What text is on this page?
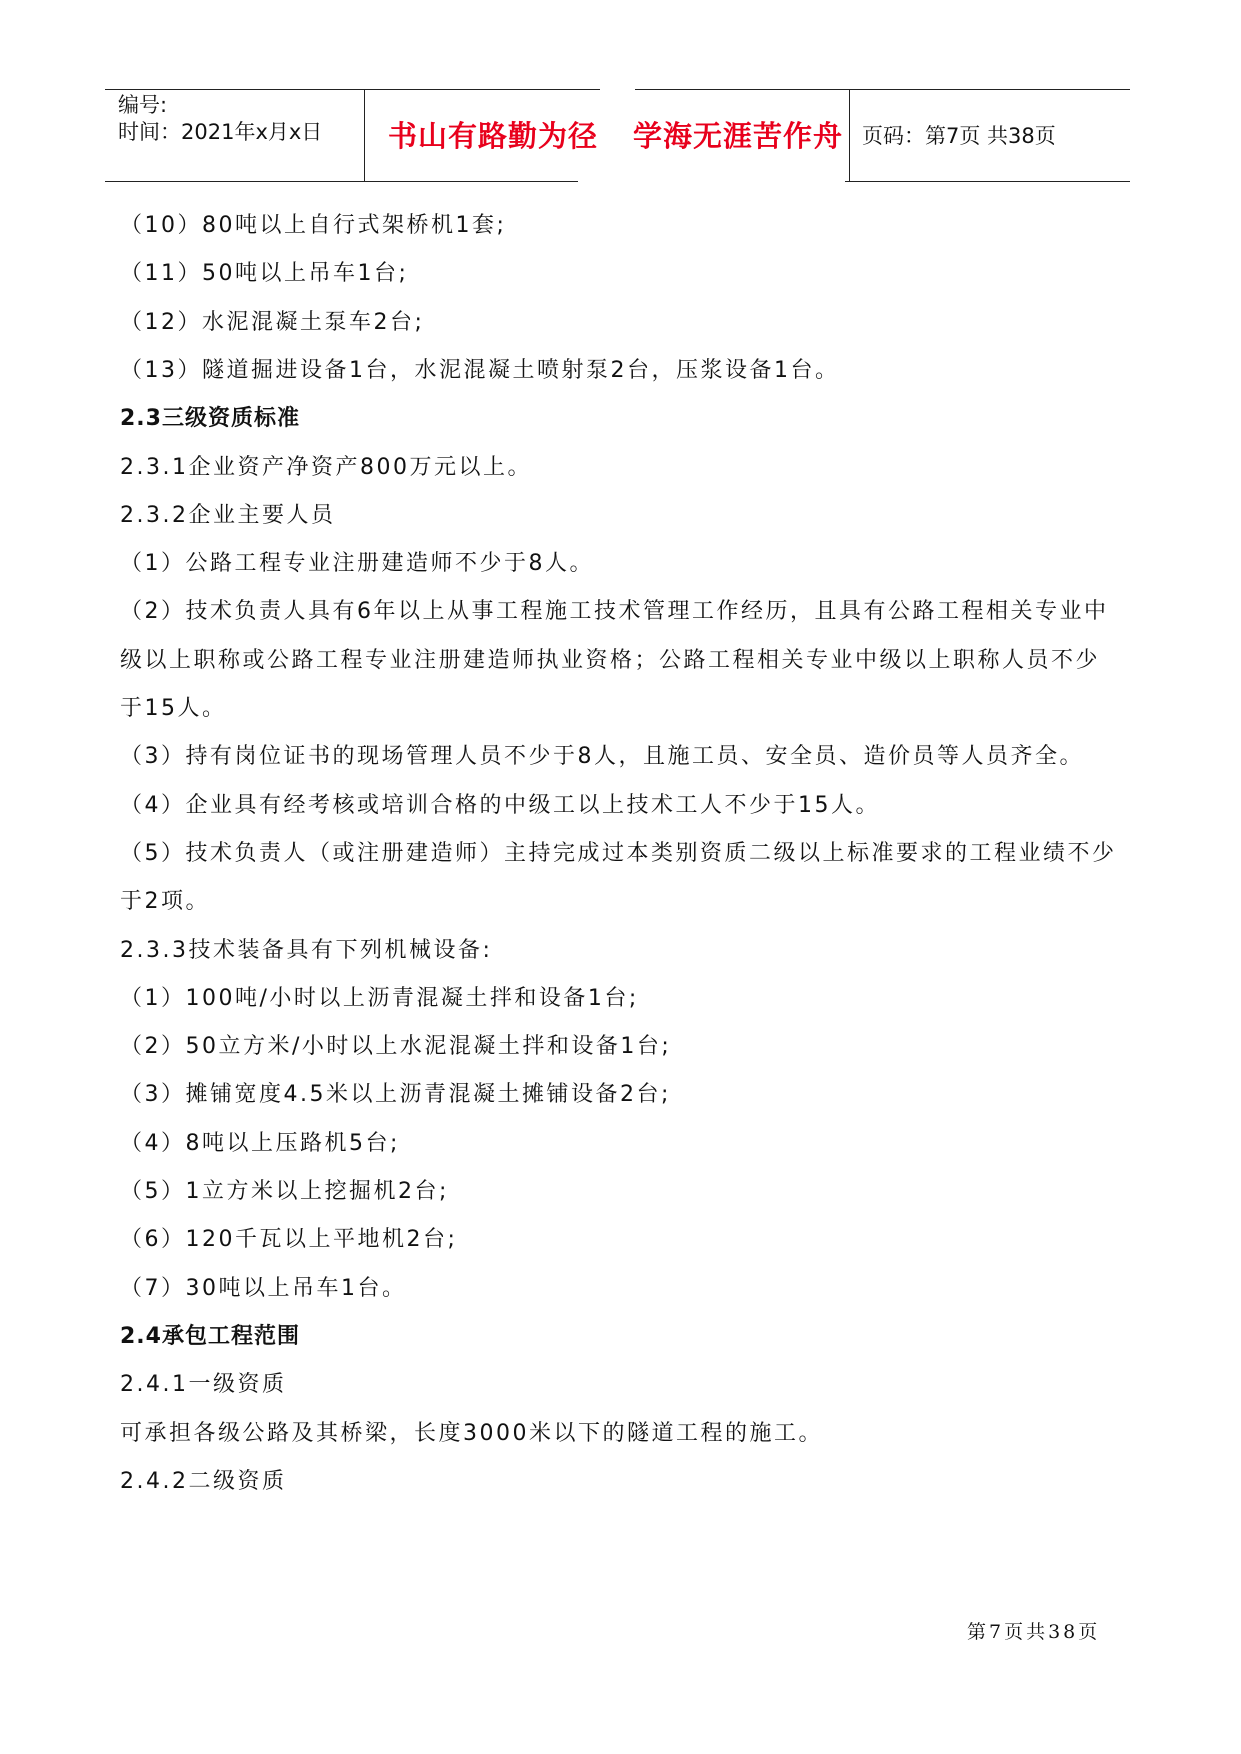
编号:
时间：2021年x月x日 书山有路勤为径 学海无涯苦作舟 页码：第7页 共38页
（10）80吨以上自行式架桥机1套;
（11）50吨以上吊车1台;
（12）水泥混凝土泵车2台;
（13）隧道掘进设备1台，水泥混凝土喷射泵2台，压浆设备1台。
2.3三级资质标准
2.3.1企业资产净资产800万元以上。
2.3.2企业主要人员
（1）公路工程专业注册建造师不少于8人。
（2）技术负责人具有6年以上从事工程施工技术管理工作经历，且具有公路工程相关专业中
级以上职称或公路工程专业注册建造师执业资格；公路工程相关专业中级以上职称人员不少
于15人。
（3）持有岗位证书的现场管理人员不少于8人，且施工员、安全员、造价员等人员齐全。
（4）企业具有经考核或培训合格的中级工以上技术工人不少于15人。
（5）技术负责人（或注册建造师）主持完成过本类别资质二级以上标准要求的工程业绩不少
于2项。
2.3.3技术装备具有下列机械设备:
（1）100吨/小时以上沥青混凝土拌和设备1台;
（2）50立方米/小时以上水泥混凝土拌和设备1台;
（3）摊铺宽度4.5米以上沥青混凝土摊铺设备2台;
（4）8吨以上压路机5台;
（5）1立方米以上挖掘机2台;
（6）120千瓦以上平地机2台;
（7）30吨以上吊车1台。
2.4承包工程范围
2.4.1一级资质
可承担各级公路及其桥梁，长度3000米以下的隧道工程的施工。
2.4.2二级资质
第7页共38页
